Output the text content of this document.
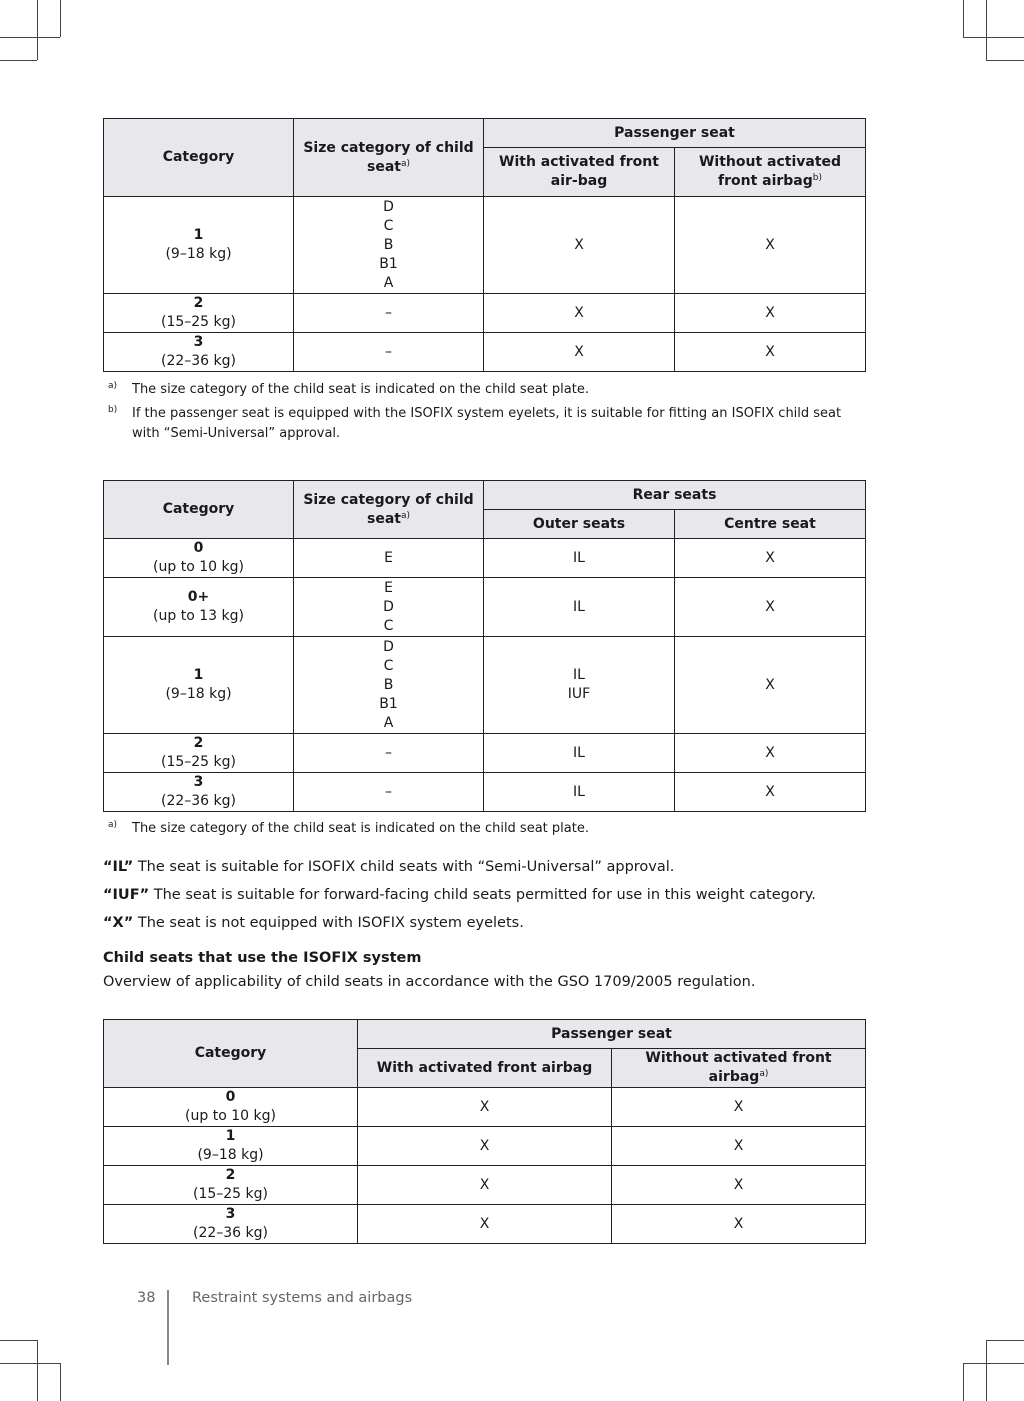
Category	Size category of child seat$^{a)}$	Passenger seat	
		With activated front air-bag	Without activated front airbag$^{b)}$

1
(9–18 kg)	D
C
B
B1
A	X	X

2
(15–25 kg)	–	X	X

3
(22–36 kg)	–	X	X
a) The size category of the child seat is indicated on the child seat plate.
b) If the passenger seat is equipped with the ISOFIX system eyelets, it is suitable for fitting an ISOFIX child seat with “Semi-Universal” approval.
Category	Size category of child seat$^{a)}$	Rear seats	
		Outer seats	Centre seat

0
(up to 10 kg)	E	IL	X

0+
(up to 13 kg)	E
D
C	IL	X

1
(9–18 kg)	D
C
B
B1
A	IL
IUF	X

2
(15–25 kg)	–	IL	X

3
(22–36 kg)	–	IL	X
a) The size category of the child seat is indicated on the child seat plate.
“IL” The seat is suitable for ISOFIX child seats with “Semi-Universal” approval.
“IUF” The seat is suitable for forward-facing child seats permitted for use in this weight category.
“X” The seat is not equipped with ISOFIX system eyelets.
Child seats that use the ISOFIX system
Overview of applicability of child seats in accordance with the GSO 1709/2005 regulation.
Category	Passenger seat	
	With activated front airbag	Without activated front airbag$^{a)}$

0
(up to 10 kg)	X	X

1
(9–18 kg)	X	X

2
(15–25 kg)	X	X

3
(22–36 kg)	X	X
38	Restraint systems and airbags
